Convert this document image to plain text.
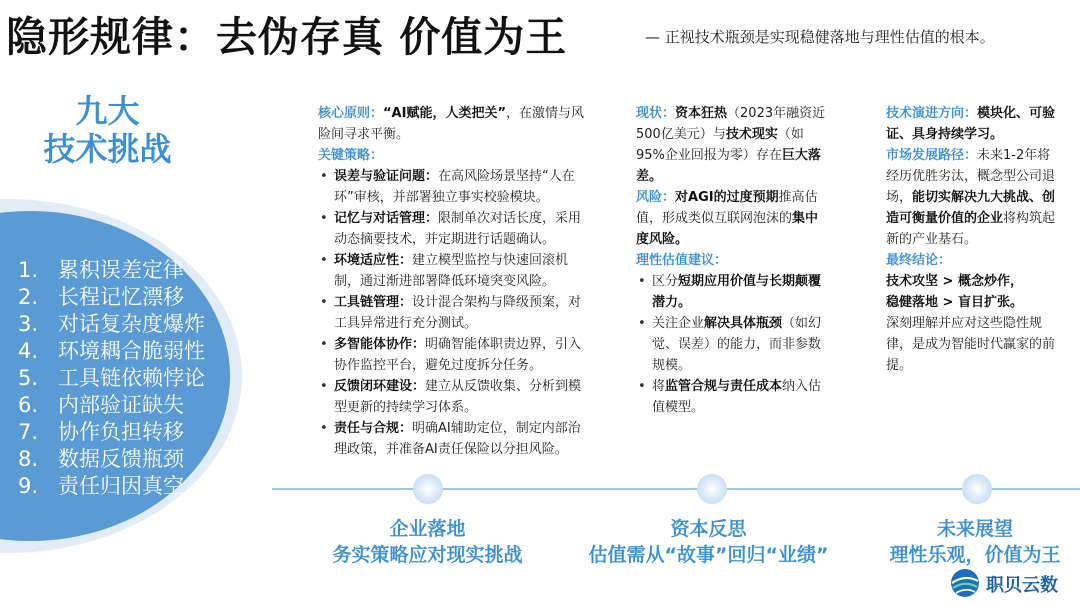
隐形规律：去伪存真 价值为王	— 正视技术瓶颈是实现稳健落地与理性估值的根本。
九大
技术挑战
1. 累积误差定律
2. 长程记忆漂移
3. 对话复杂度爆炸
4. 环境耦合脆弱性
5. 工具链依赖悖论
6. 内部验证缺失
7. 协作负担转移
8. 数据反馈瓶颈
9. 责任归因真空

核心原则：“AI赋能，人类把关”，在激情与风险间寻求平衡。

关键策略：

• 误差与验证问题：在高风险场景坚持“人在环”审核，并部署独立事实校验模块。
• 记忆与对话管理：限制单次对话长度，采用动态摘要技术，并定期进行话题确认。
• 环境适应性：建立模型监控与快速回滚机制，通过渐进部署降低环境突变风险。
• 工具链管理：设计混合架构与降级预案，对工具异常进行充分测试。
• 多智能体协作：明确智能体职责边界，引入协作监控平台，避免过度拆分任务。
• 反馈闭环建设：建立从反馈收集、分析到模型更新的持续学习体系。
• 责任与合规：明确AI辅助定位，制定内部治理政策，并准备AI责任保险以分担风险。

现状：资本狂热（2023年融资近500亿美元）与技术现实（如95%企业回报为零）存在巨大落差。

风险：对AGI的过度预期推高估值，形成类似互联网泡沫的集中度风险。

理性估值建议：

• 区分短期应用价值与长期颠覆潜力。
• 关注企业解决具体瓶颈（如幻觉、误差）的能力，而非参数规模。
• 将监管合规与责任成本纳入估值模型。

技术演进方向：模块化、可验证、具身持续学习。

市场发展路径：未来1-2年将经历优胜劣汰，概念型公司退场，能切实解决九大挑战、创造可衡量价值的企业将构筑起新的产业基石。

最终结论：

技术攻坚 > 概念炒作，

稳健落地 > 盲目扩张。

深刻理解并应对这些隐性规律，是成为智能时代赢家的前提。

企业落地
务实策略应对现实挑战
资本反思
估值需从“故事”回归“业绩”
未来展望
理性乐观，价值为王
职贝云数
